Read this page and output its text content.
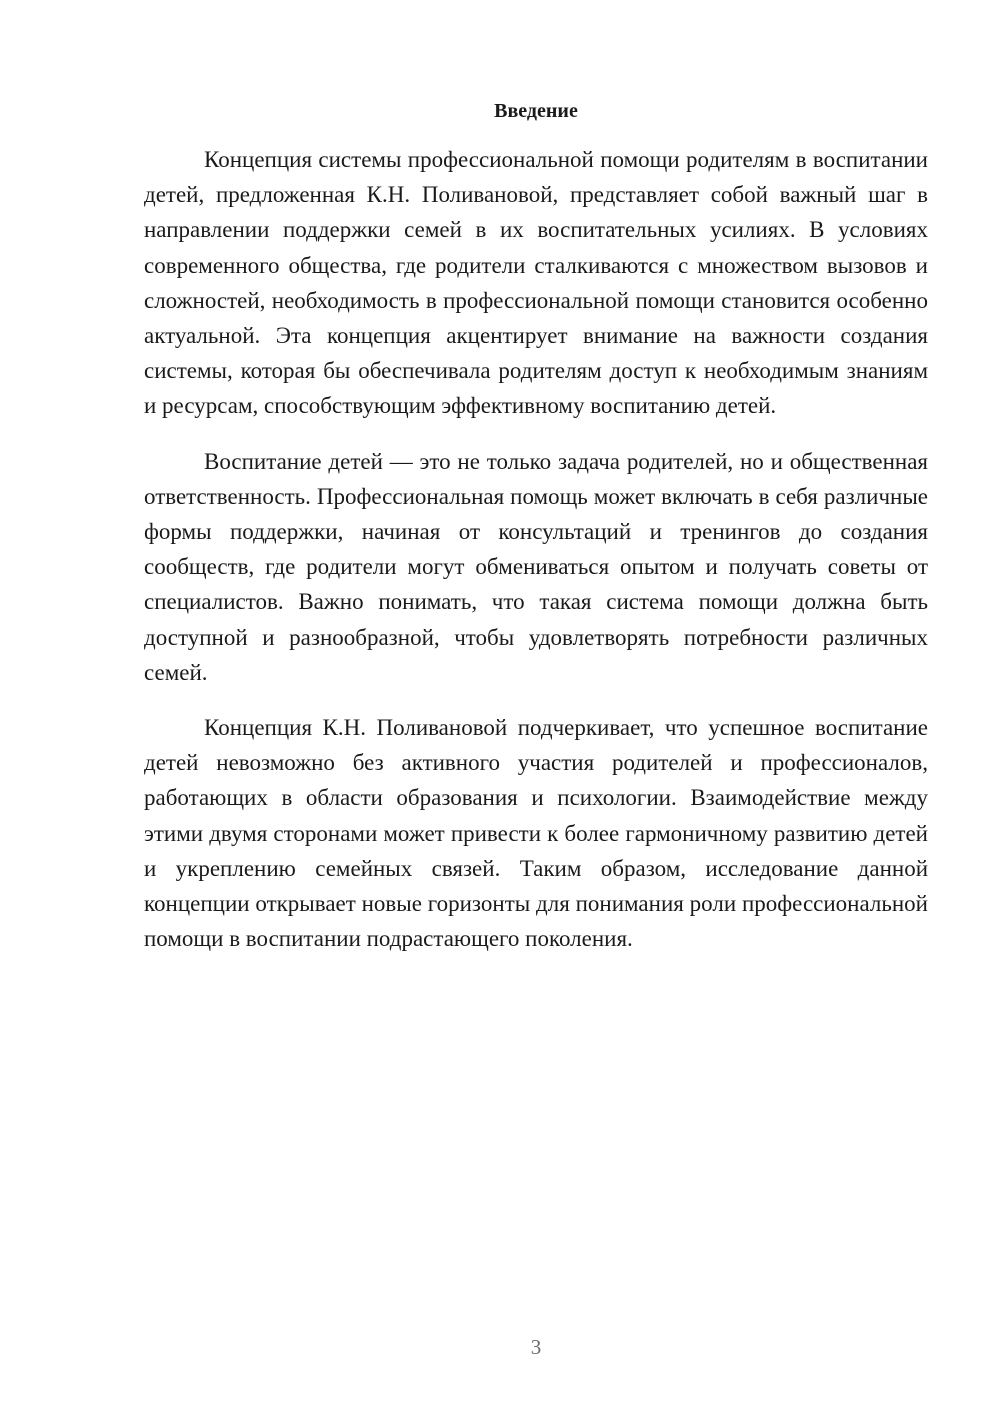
Введение

Концепция системы профессиональной помощи родителям в воспитании детей, предложенная К.Н. Поливановой, представляет собой важный шаг в направлении поддержки семей в их воспитательных усилиях. В условиях современного общества, где родители сталкиваются с множеством вызовов и сложностей, необходимость в профессиональной помощи становится особенно актуальной. Эта концепция акцентирует внимание на важности создания системы, которая бы обеспечивала родителям доступ к необходимым знаниям и ресурсам, способствующим эффективному воспитанию детей.

Воспитание детей — это не только задача родителей, но и общественная ответственность. Профессиональная помощь может включать в себя различные формы поддержки, начиная от консультаций и тренингов до создания сообществ, где родители могут обмениваться опытом и получать советы от специалистов. Важно понимать, что такая система помощи должна быть доступной и разнообразной, чтобы удовлетворять потребности различных семей.

Концепция К.Н. Поливановой подчеркивает, что успешное воспитание детей невозможно без активного участия родителей и профессионалов, работающих в области образования и психологии. Взаимодействие между этими двумя сторонами может привести к более гармоничному развитию детей и укреплению семейных связей. Таким образом, исследование данной концепции открывает новые горизонты для понимания роли профессиональной помощи в воспитании подрастающего поколения.

3
